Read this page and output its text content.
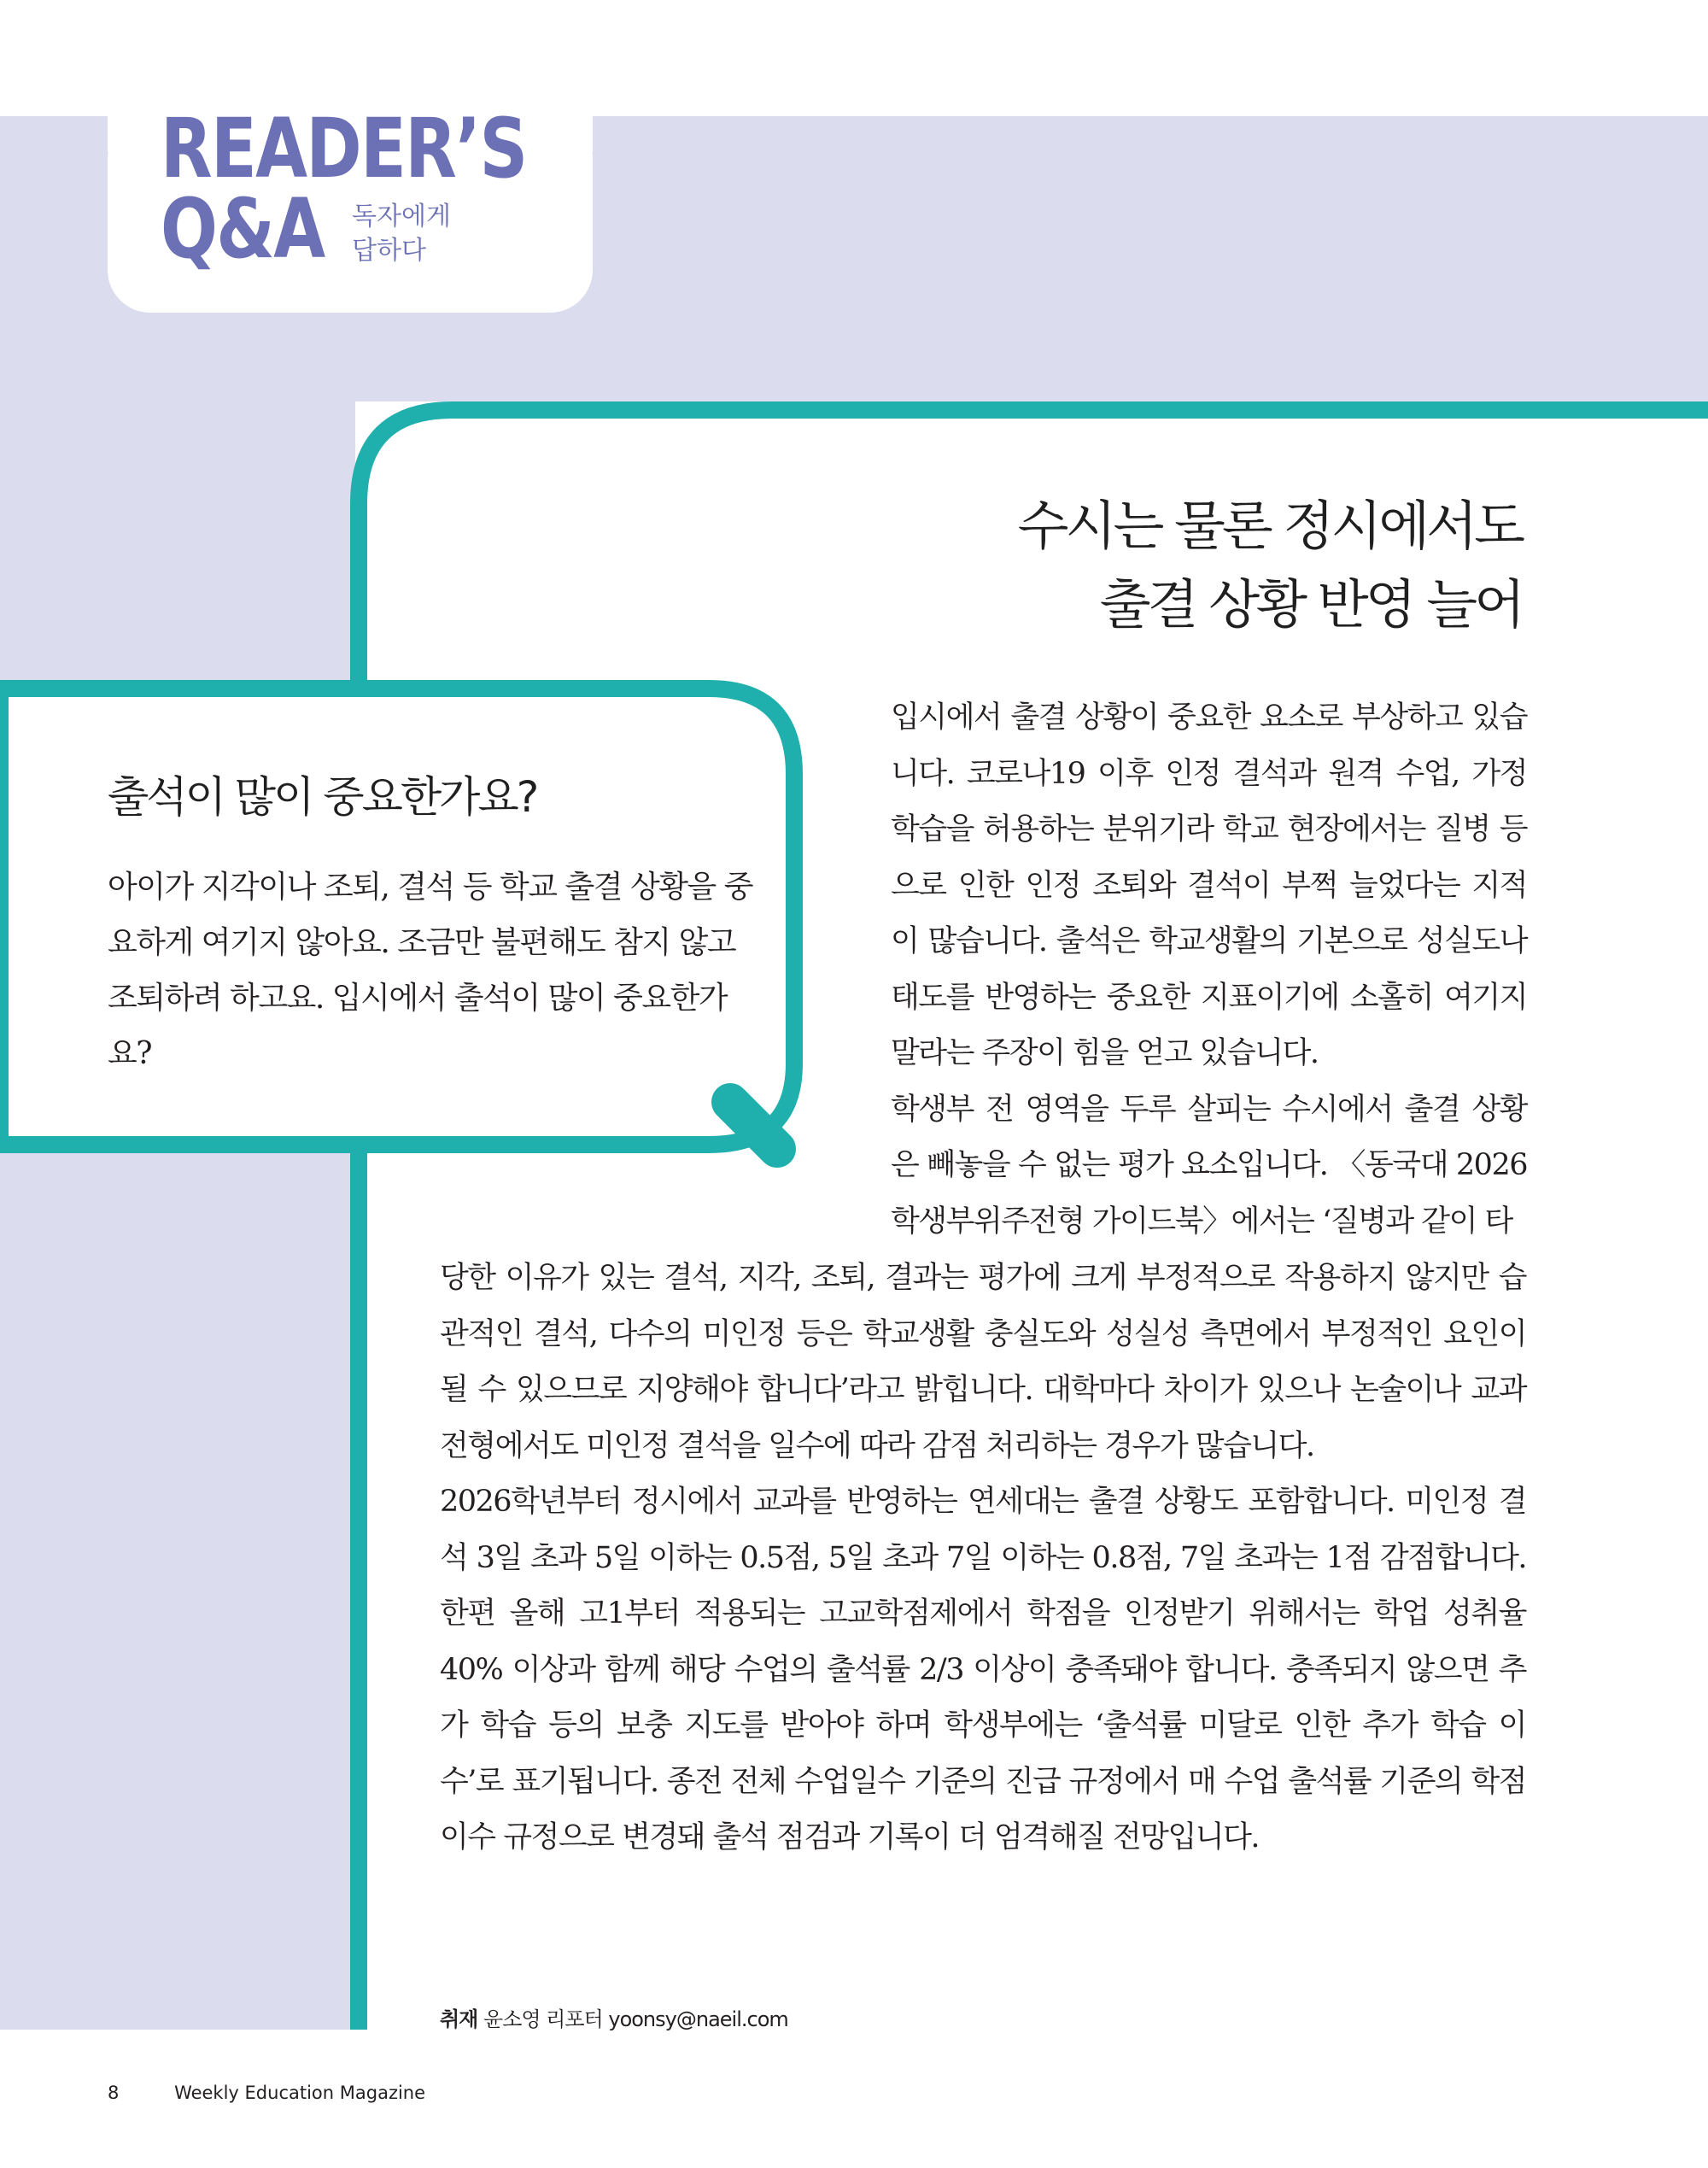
READER’S
Q&A 독자에게
답하다
수시는 물론 정시에서도
출결 상황 반영 늘어
출석이 많이 중요한가요?

아이가 지각이나 조퇴, 결석 등 학교 출결 상황을 중요하게 여기지 않아요. 조금만 불편해도 참지 않고 조퇴하려 하고요. 입시에서 출석이 많이 중요한가요?

입시에서 출결 상황이 중요한 요소로 부상하고 있습니다. 코로나19 이후 인정 결석과 원격 수업, 가정 학습을 허용하는 분위기라 학교 현장에서는 질병 등으로 인한 인정 조퇴와 결석이 부쩍 늘었다는 지적이 많습니다. 출석은 학교생활의 기본으로 성실도나 태도를 반영하는 중요한 지표이기에 소홀히 여기지 말라는 주장이 힘을 얻고 있습니다.

학생부 전 영역을 두루 살피는 수시에서 출결 상황은 빼놓을 수 없는 평가 요소입니다. 〈동국대 2026 학생부위주전형 가이드북〉에서는 ‘질병과 같이 타

당한 이유가 있는 결석, 지각, 조퇴, 결과는 평가에 크게 부정적으로 작용하지 않지만 습관적인 결석, 다수의 미인정 등은 학교생활 충실도와 성실성 측면에서 부정적인 요인이 될 수 있으므로 지양해야 합니다’라고 밝힙니다. 대학마다 차이가 있으나 논술이나 교과전형에서도 미인정 결석을 일수에 따라 감점 처리하는 경우가 많습니다.

2026학년부터 정시에서 교과를 반영하는 연세대는 출결 상황도 포함합니다. 미인정 결석 3일 초과 5일 이하는 0.5점, 5일 초과 7일 이하는 0.8점, 7일 초과는 1점 감점합니다. 한편 올해 고1부터 적용되는 고교학점제에서 학점을 인정받기 위해서는 학업 성취율 40% 이상과 함께 해당 수업의 출석률 2/3 이상이 충족돼야 합니다. 충족되지 않으면 추가 학습 등의 보충 지도를 받아야 하며 학생부에는 ‘출석률 미달로 인한 추가 학습 이수’로 표기됩니다. 종전 전체 수업일수 기준의 진급 규정에서 매 수업 출석률 기준의 학점 이수 규정으로 변경돼 출석 점검과 기록이 더 엄격해질 전망입니다.

취재 윤소영 리포터 yoonsy@naeil.com
8	Weekly Education Magazine
